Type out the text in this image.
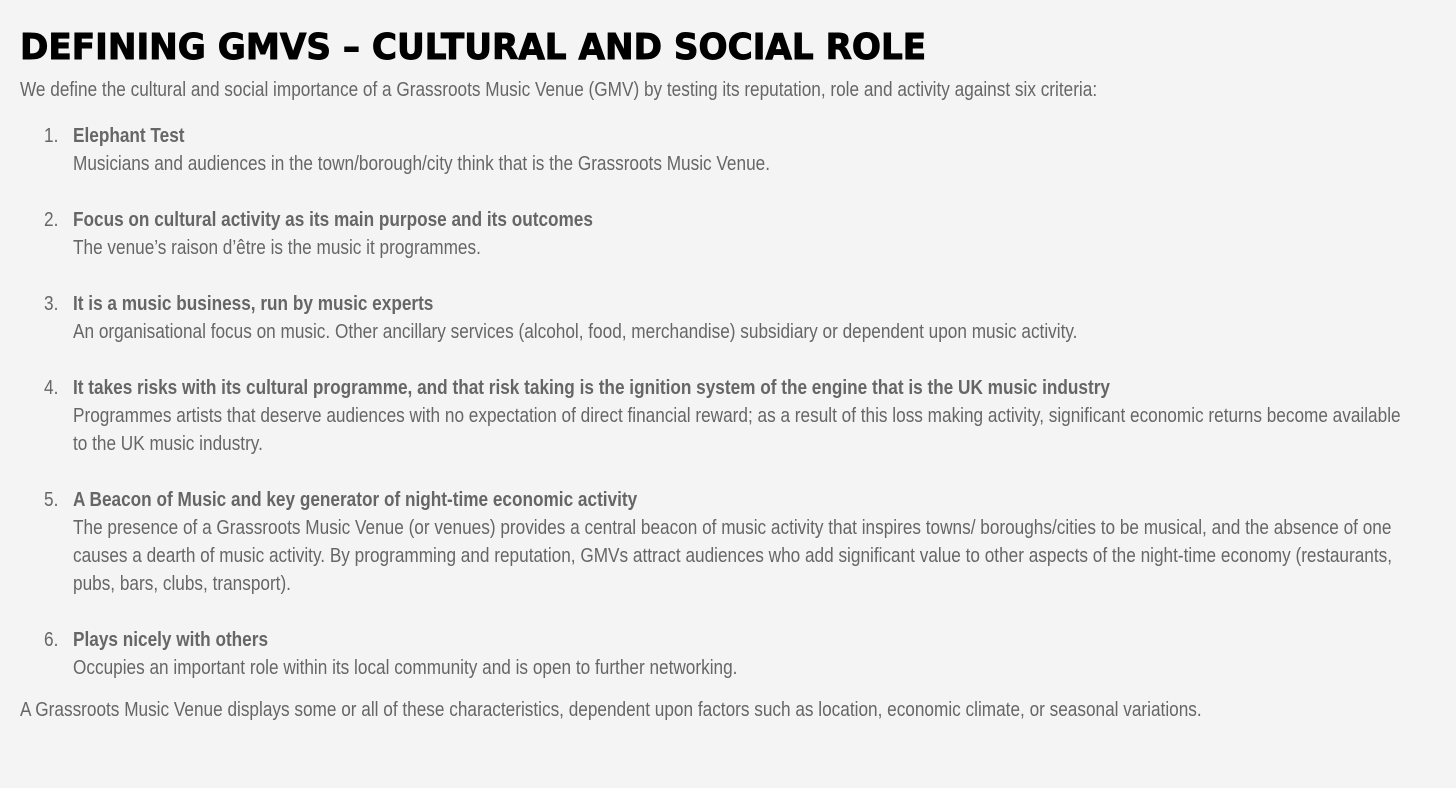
DEFINING GMVS – CULTURAL AND SOCIAL ROLE

We define the cultural and social importance of a Grassroots Music Venue (GMV) by testing its reputation, role and activity against six criteria:

1. Elephant Test
Musicians and audiences in the town/borough/city think that is the Grassroots Music Venue.
2. Focus on cultural activity as its main purpose and its outcomes
The venue’s raison d’être is the music it programmes.
3. It is a music business, run by music experts
An organisational focus on music. Other ancillary services (alcohol, food, merchandise) subsidiary or dependent upon music activity.
4. It takes risks with its cultural programme, and that risk taking is the ignition system of the engine that is the UK music industry
Programmes artists that deserve audiences with no expectation of direct financial reward; as a result of this loss making activity, significant economic returns become available to the UK music industry.
5. A Beacon of Music and key generator of night-time economic activity
The presence of a Grassroots Music Venue (or venues) provides a central beacon of music activity that inspires towns/ boroughs/cities to be musical, and the absence of one causes a dearth of music activity. By programming and reputation, GMVs attract audiences who add significant value to other aspects of the night-time economy (restaurants, pubs, bars, clubs, transport).
6. Plays nicely with others
Occupies an important role within its local community and is open to further networking.

A Grassroots Music Venue displays some or all of these characteristics, dependent upon factors such as location, economic climate, or seasonal variations.
